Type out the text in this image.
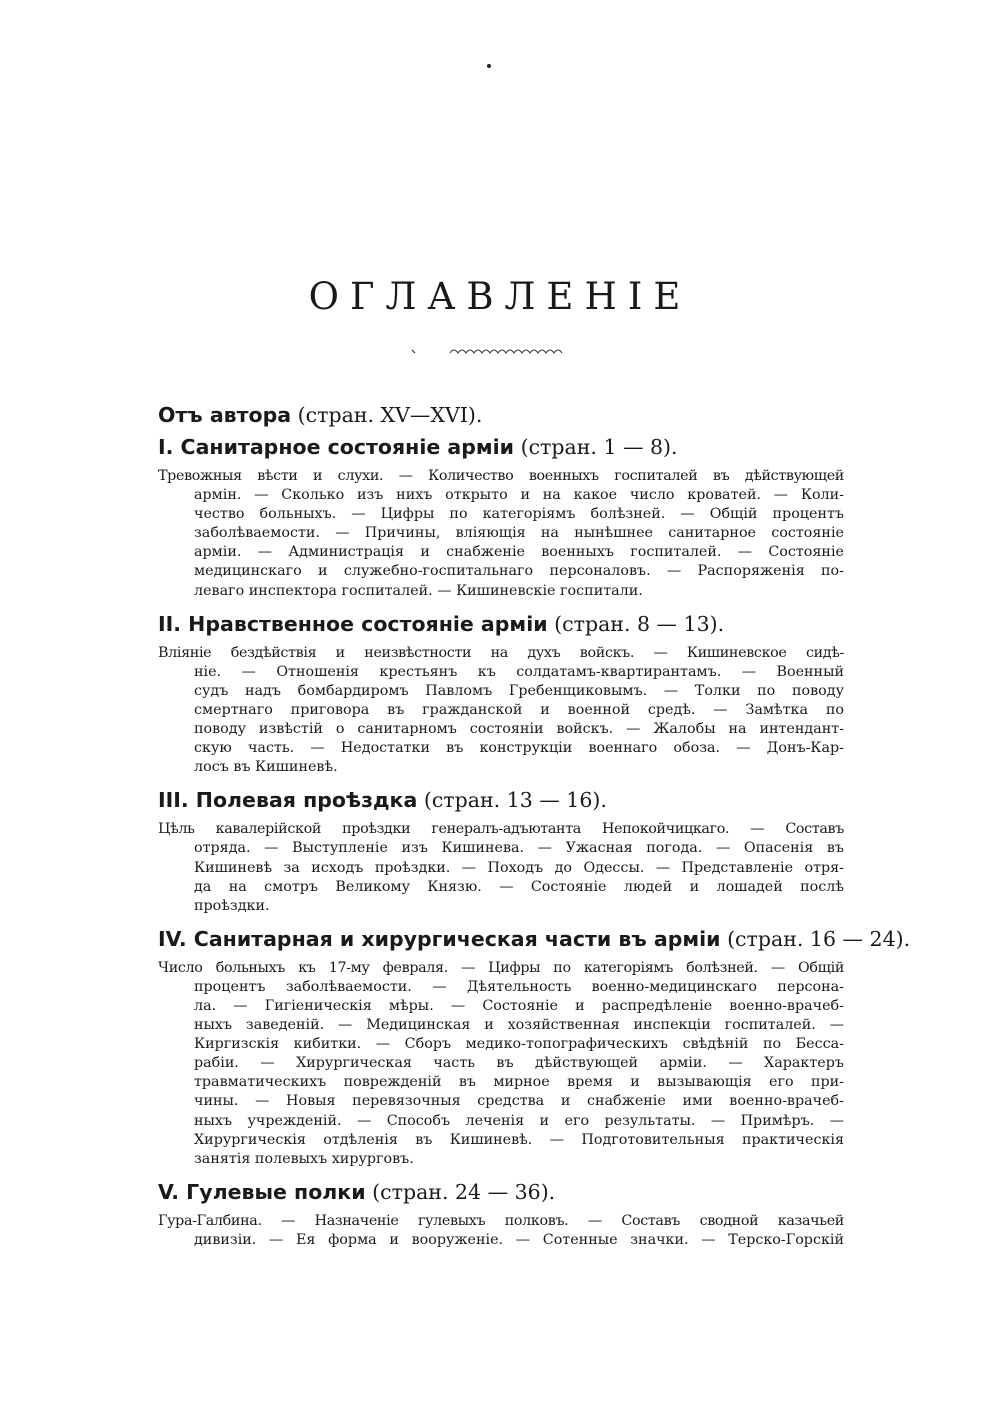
ОГЛАВЛЕНІЕ
Отъ автора (стран. XV—XVI).
I. Санитарное состояніе арміи (стран. 1 — 8).
Тревожныя вѣсти и слухи. — Количество военныхъ госпиталей въ дѣйствующей
армін. — Сколько изъ нихъ открыто и на какое число кроватей. — Коли-
чество больныхъ. — Цифры по категоріямъ болѣзней. — Общій процентъ
заболѣваемости. — Причины, вліяющія на нынѣшнее санитарное состояніе
арміи. — Администрація и снабженіе военныхъ госпиталей. — Состояніе
медицинскаго и служебно-госпитальнаго персоналовъ. — Распоряженія по-
леваго инспектора госпиталей. — Кишиневскіе госпитали.
II. Нравственное состояніе арміи (стран. 8 — 13).
Вліяніе бездѣйствія и неизвѣстности на духъ войскъ. — Кишиневское сидѣ-
ніе. — Отношенія крестьянъ къ солдатамъ-квартирантамъ. — Военный
судъ надъ бомбардиромъ Павломъ Гребенщиковымъ. — Толки по поводу
смертнаго приговора въ гражданской и военной средѣ. — Замѣтка по
поводу извѣстій о санитарномъ состояніи войскъ. — Жалобы на интендант-
скую часть. — Недостатки въ конструкціи военнаго обоза. — Донъ-Кар-
лосъ въ Кишиневѣ.
III. Полевая проѣздка (стран. 13 — 16).
Цѣль кавалерійской проѣздки генералъ-адъютанта Непокойчицкаго. — Составъ
отряда. — Выступленіе изъ Кишинева. — Ужасная погода. — Опасенія въ
Кишиневѣ за исходъ проѣздки. — Походъ до Одессы. — Представленіе отря-
да на смотръ Великому Князю. — Состояніе людей и лошадей послѣ
проѣздки.
IV. Санитарная и хирургическая части въ арміи (стран. 16 — 24).
Число больныхъ къ 17-му февраля. — Цифры по категоріямъ болѣзней. — Общій
процентъ заболѣваемости. — Дѣятельность военно-медицинскаго персона-
ла. — Гигіеническія мѣры. — Состояніе и распредѣленіе военно-врачеб-
ныхъ заведеній. — Медицинская и хозяйственная инспекціи госпиталей. —
Киргизскія кибитки. — Сборъ медико-топографическихъ свѣдѣній по Бесса-
рабіи. — Хирургическая часть въ дѣйствующей арміи. — Характеръ
травматическихъ поврежденій въ мирное время и вызывающія его при-
чины. — Новыя перевязочныя средства и снабженіе ими военно-врачеб-
ныхъ учрежденій. — Способъ леченія и его результаты. — Примѣръ. —
Хирургическія отдѣленія въ Кишиневѣ. — Подготовительныя практическія
занятія полевыхъ хирурговъ.
V. Гулевые полки (стран. 24 — 36).
Гура-Галбина. — Назначеніе гулевыхъ полковъ. — Составъ сводной казачьей
дивизіи. — Ея форма и вооруженіе. — Сотенные значки. — Терско-Горскій
